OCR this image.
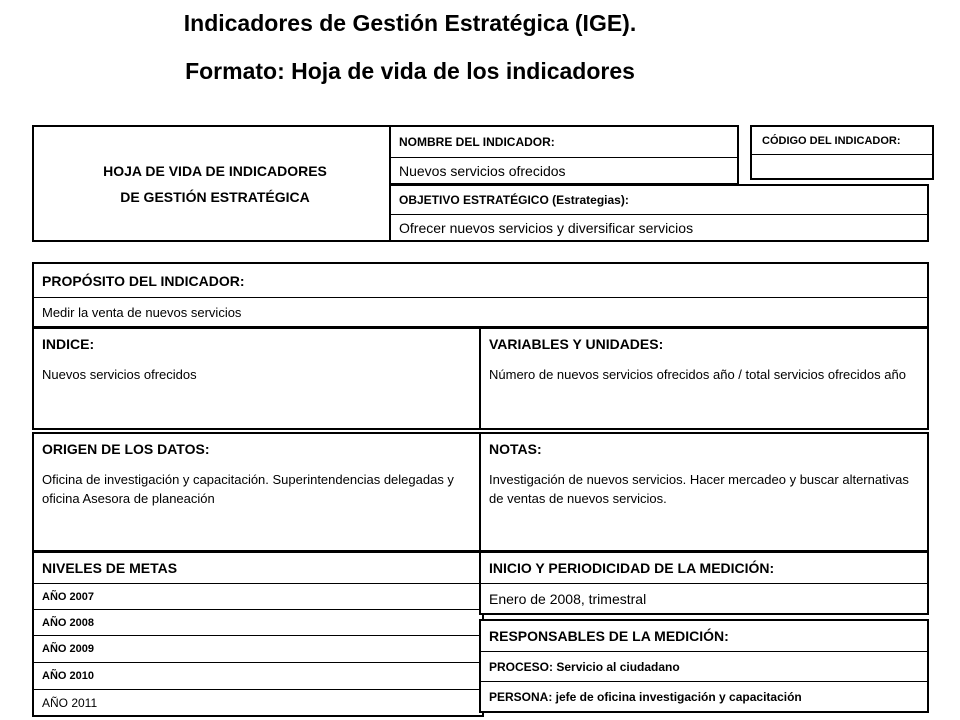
Indicadores de Gestión Estratégica (IGE).
Formato: Hoja de vida de los indicadores
HOJA DE VIDA DE INDICADORES
DE GESTIÓN ESTRATÉGICA
NOMBRE DEL INDICADOR:
Nuevos servicios ofrecidos
CÓDIGO DEL INDICADOR:
OBJETIVO ESTRATÉGICO (Estrategias):
Ofrecer nuevos servicios y diversificar servicios
PROPÓSITO DEL INDICADOR:
Medir la venta de nuevos servicios
INDICE:
Nuevos servicios ofrecidos
VARIABLES Y UNIDADES:
Número de nuevos servicios ofrecidos año / total servicios ofrecidos año
ORIGEN DE LOS DATOS:
Oficina de investigación y capacitación. Superintendencias delegadas y oficina Asesora de planeación
NOTAS:
Investigación de nuevos servicios. Hacer mercadeo y buscar alternativas de ventas de nuevos servicios.
NIVELES DE METAS
AÑO 2007
AÑO 2008
AÑO 2009
AÑO 2010
AÑO 2011
INICIO Y PERIODICIDAD DE LA MEDICIÓN:
Enero de 2008, trimestral
RESPONSABLES DE LA MEDICIÓN:
PROCESO: Servicio al ciudadano
PERSONA: jefe de oficina investigación y capacitación
